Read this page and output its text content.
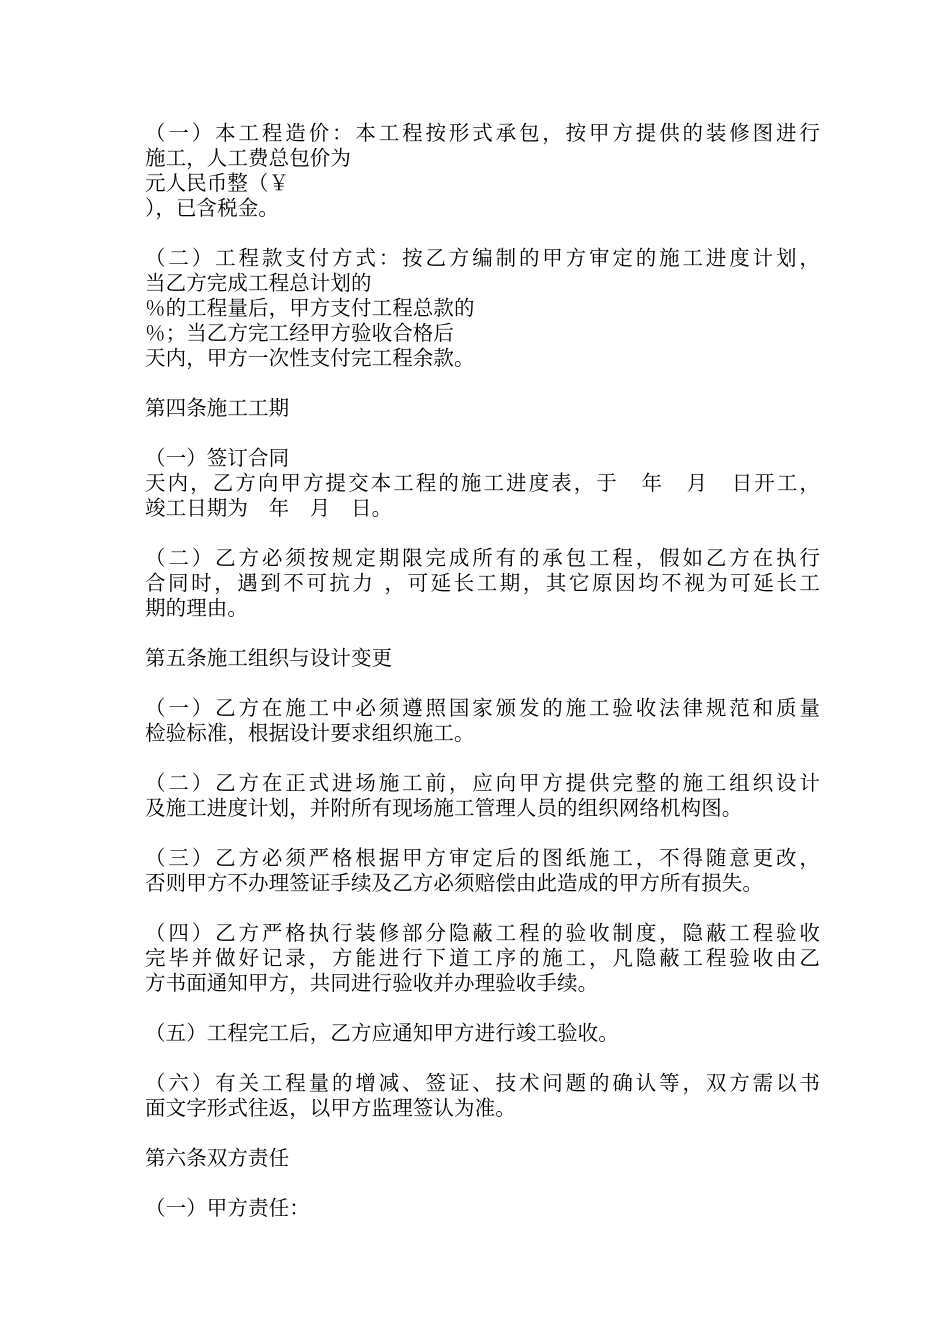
（一）本工程造价：本工程按形式承包，按甲方提供的装修图进行
施工，人工费总包价为
元人民币整（￥
），已含税金。
（二）工程款支付方式：按乙方编制的甲方审定的施工进度计划，
当乙方完成工程总计划的
％的工程量后，甲方支付工程总款的
％；当乙方完工经甲方验收合格后
天内，甲方一次性支付完工程余款。
第四条施工工期
（一）签订合同
天内，乙方向甲方提交本工程的施工进度表，于　年　月　日开工，
竣工日期为　年　月　日。
（二）乙方必须按规定期限完成所有的承包工程，假如乙方在执行
合同时，遇到不可抗力 ，可延长工期，其它原因均不视为可延长工
期的理由。
第五条施工组织与设计变更
（一）乙方在施工中必须遵照国家颁发的施工验收法律规范和质量
检验标准，根据设计要求组织施工。
（二）乙方在正式进场施工前，应向甲方提供完整的施工组织设计
及施工进度计划，并附所有现场施工管理人员的组织网络机构图。
（三）乙方必须严格根据甲方审定后的图纸施工，不得随意更改，
否则甲方不办理签证手续及乙方必须赔偿由此造成的甲方所有损失。
（四）乙方严格执行装修部分隐蔽工程的验收制度，隐蔽工程验收
完毕并做好记录，方能进行下道工序的施工，凡隐蔽工程验收由乙
方书面通知甲方，共同进行验收并办理验收手续。
（五）工程完工后，乙方应通知甲方进行竣工验收。
（六）有关工程量的增减、签证、技术问题的确认等，双方需以书
面文字形式往返，以甲方监理签认为准。
第六条双方责任
（一）甲方责任：
